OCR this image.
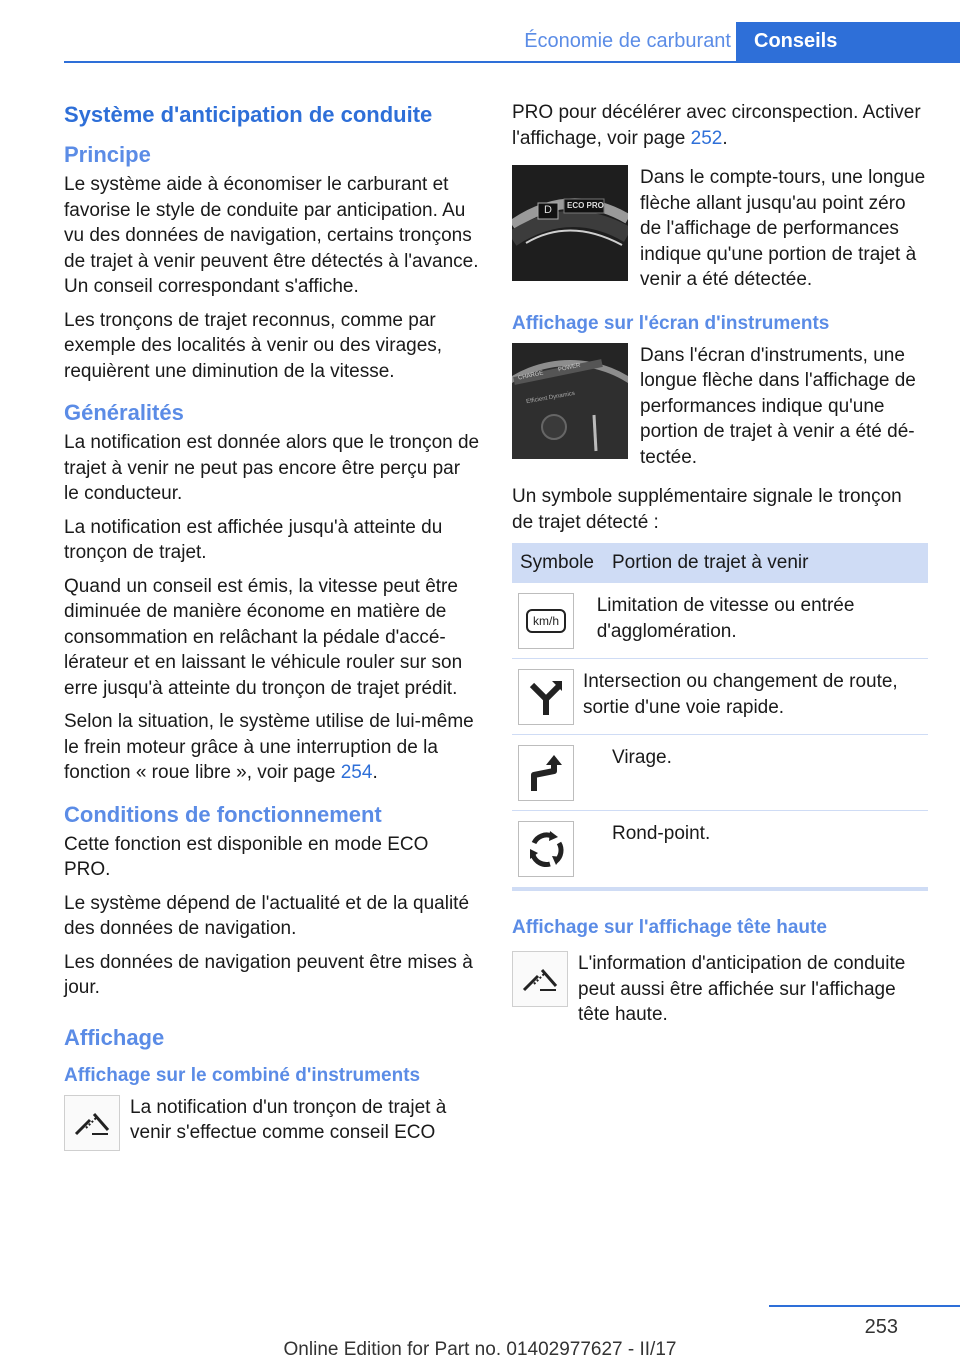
Économie de carburant	Conseils
Système d'anticipation de conduite
Principe

Le système aide à économiser le carburant et favorise le style de conduite par anticipation. Au vu des données de navigation, certains tronçons de trajet à venir peuvent être détectés à l'avance. Un conseil correspondant s'affiche.

Les tronçons de trajet reconnus, comme par exemple des localités à venir ou des virages, requièrent une diminution de la vitesse.

Généralités

La notification est donnée alors que le tronçon de trajet à venir ne peut pas encore être perçu par le conducteur.

La notification est affichée jusqu'à atteinte du tronçon de trajet.

Quand un conseil est émis, la vitesse peut être diminuée de manière économe en matière de consommation en relâchant la pédale d'accélérateur et en laissant le véhicule rouler sur son erre jusqu'à atteinte du tronçon de trajet prédit.

Selon la situation, le système utilise de lui-même le frein moteur grâce à une interruption de la fonction « roue libre », voir page 254.

Conditions de fonctionnement

Cette fonction est disponible en mode ECO PRO.

Le système dépend de l'actualité et de la qualité des données de navigation.

Les données de navigation peuvent être mises à jour.

Affichage
Affichage sur le combiné d'instruments

La notification d'un tronçon de trajet à venir s'effectue comme conseil ECO

PRO pour décélérer avec circonspection. Activer l'affichage, voir page 252.

D ECO PRO

Dans le compte-tours, une longue flèche allant jusqu'au point zéro de l'affichage de performances indique qu'une portion de trajet à venir a été détectée.

Affichage sur l'écran d'instruments
CHARGE
POWER
Efficient Dynamics

Dans l'écran d'instruments, une longue flèche dans l'affichage de performances indique qu'une portion de trajet à venir a été détectée.

Un symbole supplémentaire signale le tronçon de trajet détecté :

Symbole Portion de trajet à venir
km/h
Limitation de vitesse ou entrée d'agglomération.
Intersection ou changement de route, sortie d'une voie rapide.
Virage.
Rond-point.
Affichage sur l'affichage tête haute

L'information d'anticipation de conduite peut aussi être affichée sur l'affichage tête haute.

253
Online Edition for Part no. 01402977627 - II/17
